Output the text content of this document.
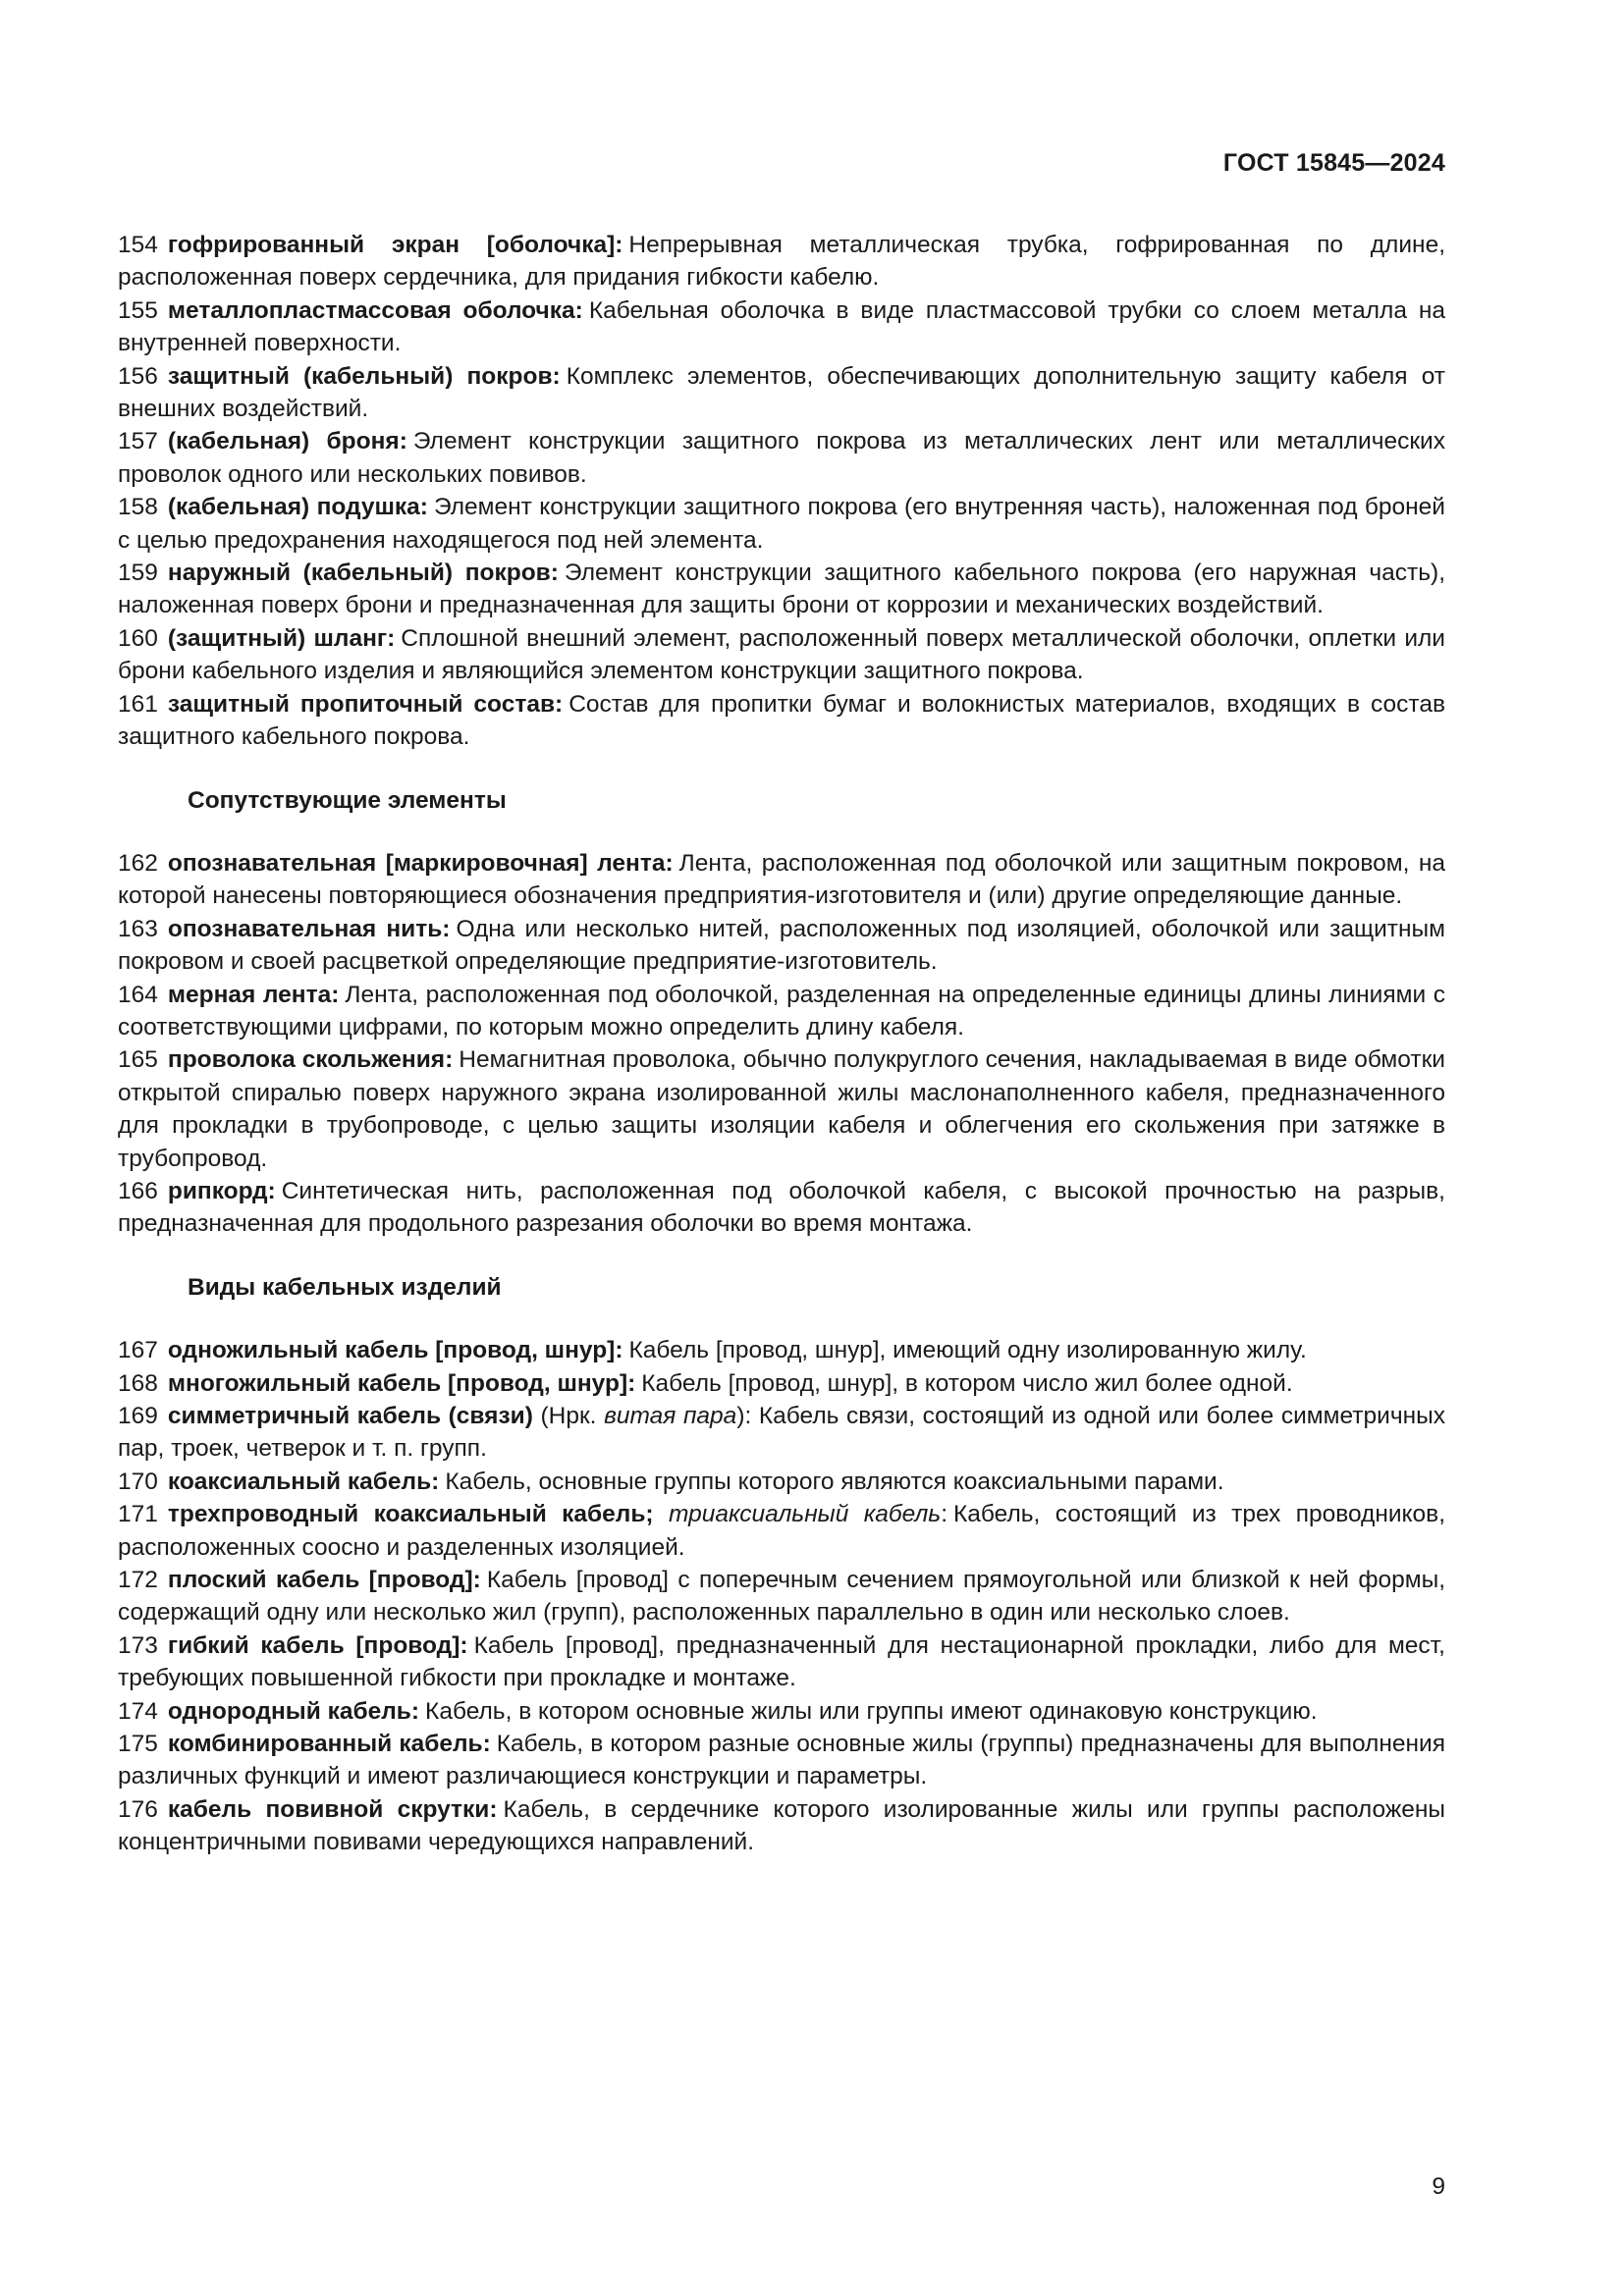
ГОСТ 15845—2024

154 гофрированный экран [оболочка]: Непрерывная металлическая трубка, гофрированная по длине, расположенная поверх сердечника, для придания гибкости кабелю.

155 металлопластмассовая оболочка: Кабельная оболочка в виде пластмассовой трубки со слоем металла на внутренней поверхности.

156 защитный (кабельный) покров: Комплекс элементов, обеспечивающих дополнительную защиту кабеля от внешних воздействий.

157 (кабельная) броня: Элемент конструкции защитного покрова из металлических лент или металлических проволок одного или нескольких повивов.

158 (кабельная) подушка: Элемент конструкции защитного покрова (его внутренняя часть), наложенная под броней с целью предохранения находящегося под ней элемента.

159 наружный (кабельный) покров: Элемент конструкции защитного кабельного покрова (его наружная часть), наложенная поверх брони и предназначенная для защиты брони от коррозии и механических воздействий.

160 (защитный) шланг: Сплошной внешний элемент, расположенный поверх металлической оболочки, оплетки или брони кабельного изделия и являющийся элементом конструкции защитного покрова.

161 защитный пропиточный состав: Состав для пропитки бумаг и волокнистых материалов, входящих в состав защитного кабельного покрова.

Сопутствующие элементы

162 опознавательная [маркировочная] лента: Лента, расположенная под оболочкой или защитным покровом, на которой нанесены повторяющиеся обозначения предприятия-изготовителя и (или) другие определяющие данные.

163 опознавательная нить: Одна или несколько нитей, расположенных под изоляцией, оболочкой или защитным покровом и своей расцветкой определяющие предприятие-изготовитель.

164 мерная лента: Лента, расположенная под оболочкой, разделенная на определенные единицы длины линиями с соответствующими цифрами, по которым можно определить длину кабеля.

165 проволока скольжения: Немагнитная проволока, обычно полукруглого сечения, накладываемая в виде обмотки открытой спиралью поверх наружного экрана изолированной жилы маслонаполненного кабеля, предназначенного для прокладки в трубопроводе, с целью защиты изоляции кабеля и облегчения его скольжения при затяжке в трубопровод.

166 рипкорд: Синтетическая нить, расположенная под оболочкой кабеля, с высокой прочностью на разрыв, предназначенная для продольного разрезания оболочки во время монтажа.

Виды кабельных изделий

167 одножильный кабель [провод, шнур]: Кабель [провод, шнур], имеющий одну изолированную жилу.

168 многожильный кабель [провод, шнур]: Кабель [провод, шнур], в котором число жил более одной.

169 симметричный кабель (связи) (Нрк. витая пара): Кабель связи, состоящий из одной или более симметричных пар, троек, четверок и т. п. групп.

170 коаксиальный кабель: Кабель, основные группы которого являются коаксиальными парами.

171 трехпроводный коаксиальный кабель; триаксиальный кабель: Кабель, состоящий из трех проводников, расположенных соосно и разделенных изоляцией.

172 плоский кабель [провод]: Кабель [провод] с поперечным сечением прямоугольной или близкой к ней формы, содержащий одну или несколько жил (групп), расположенных параллельно в один или несколько слоев.

173 гибкий кабель [провод]: Кабель [провод], предназначенный для нестационарной прокладки, либо для мест, требующих повышенной гибкости при прокладке и монтаже.

174 однородный кабель: Кабель, в котором основные жилы или группы имеют одинаковую конструкцию.

175 комбинированный кабель: Кабель, в котором разные основные жилы (группы) предназначены для выполнения различных функций и имеют различающиеся конструкции и параметры.

176 кабель повивной скрутки: Кабель, в сердечнике которого изолированные жилы или группы расположены концентричными повивами чередующихся направлений.

9
